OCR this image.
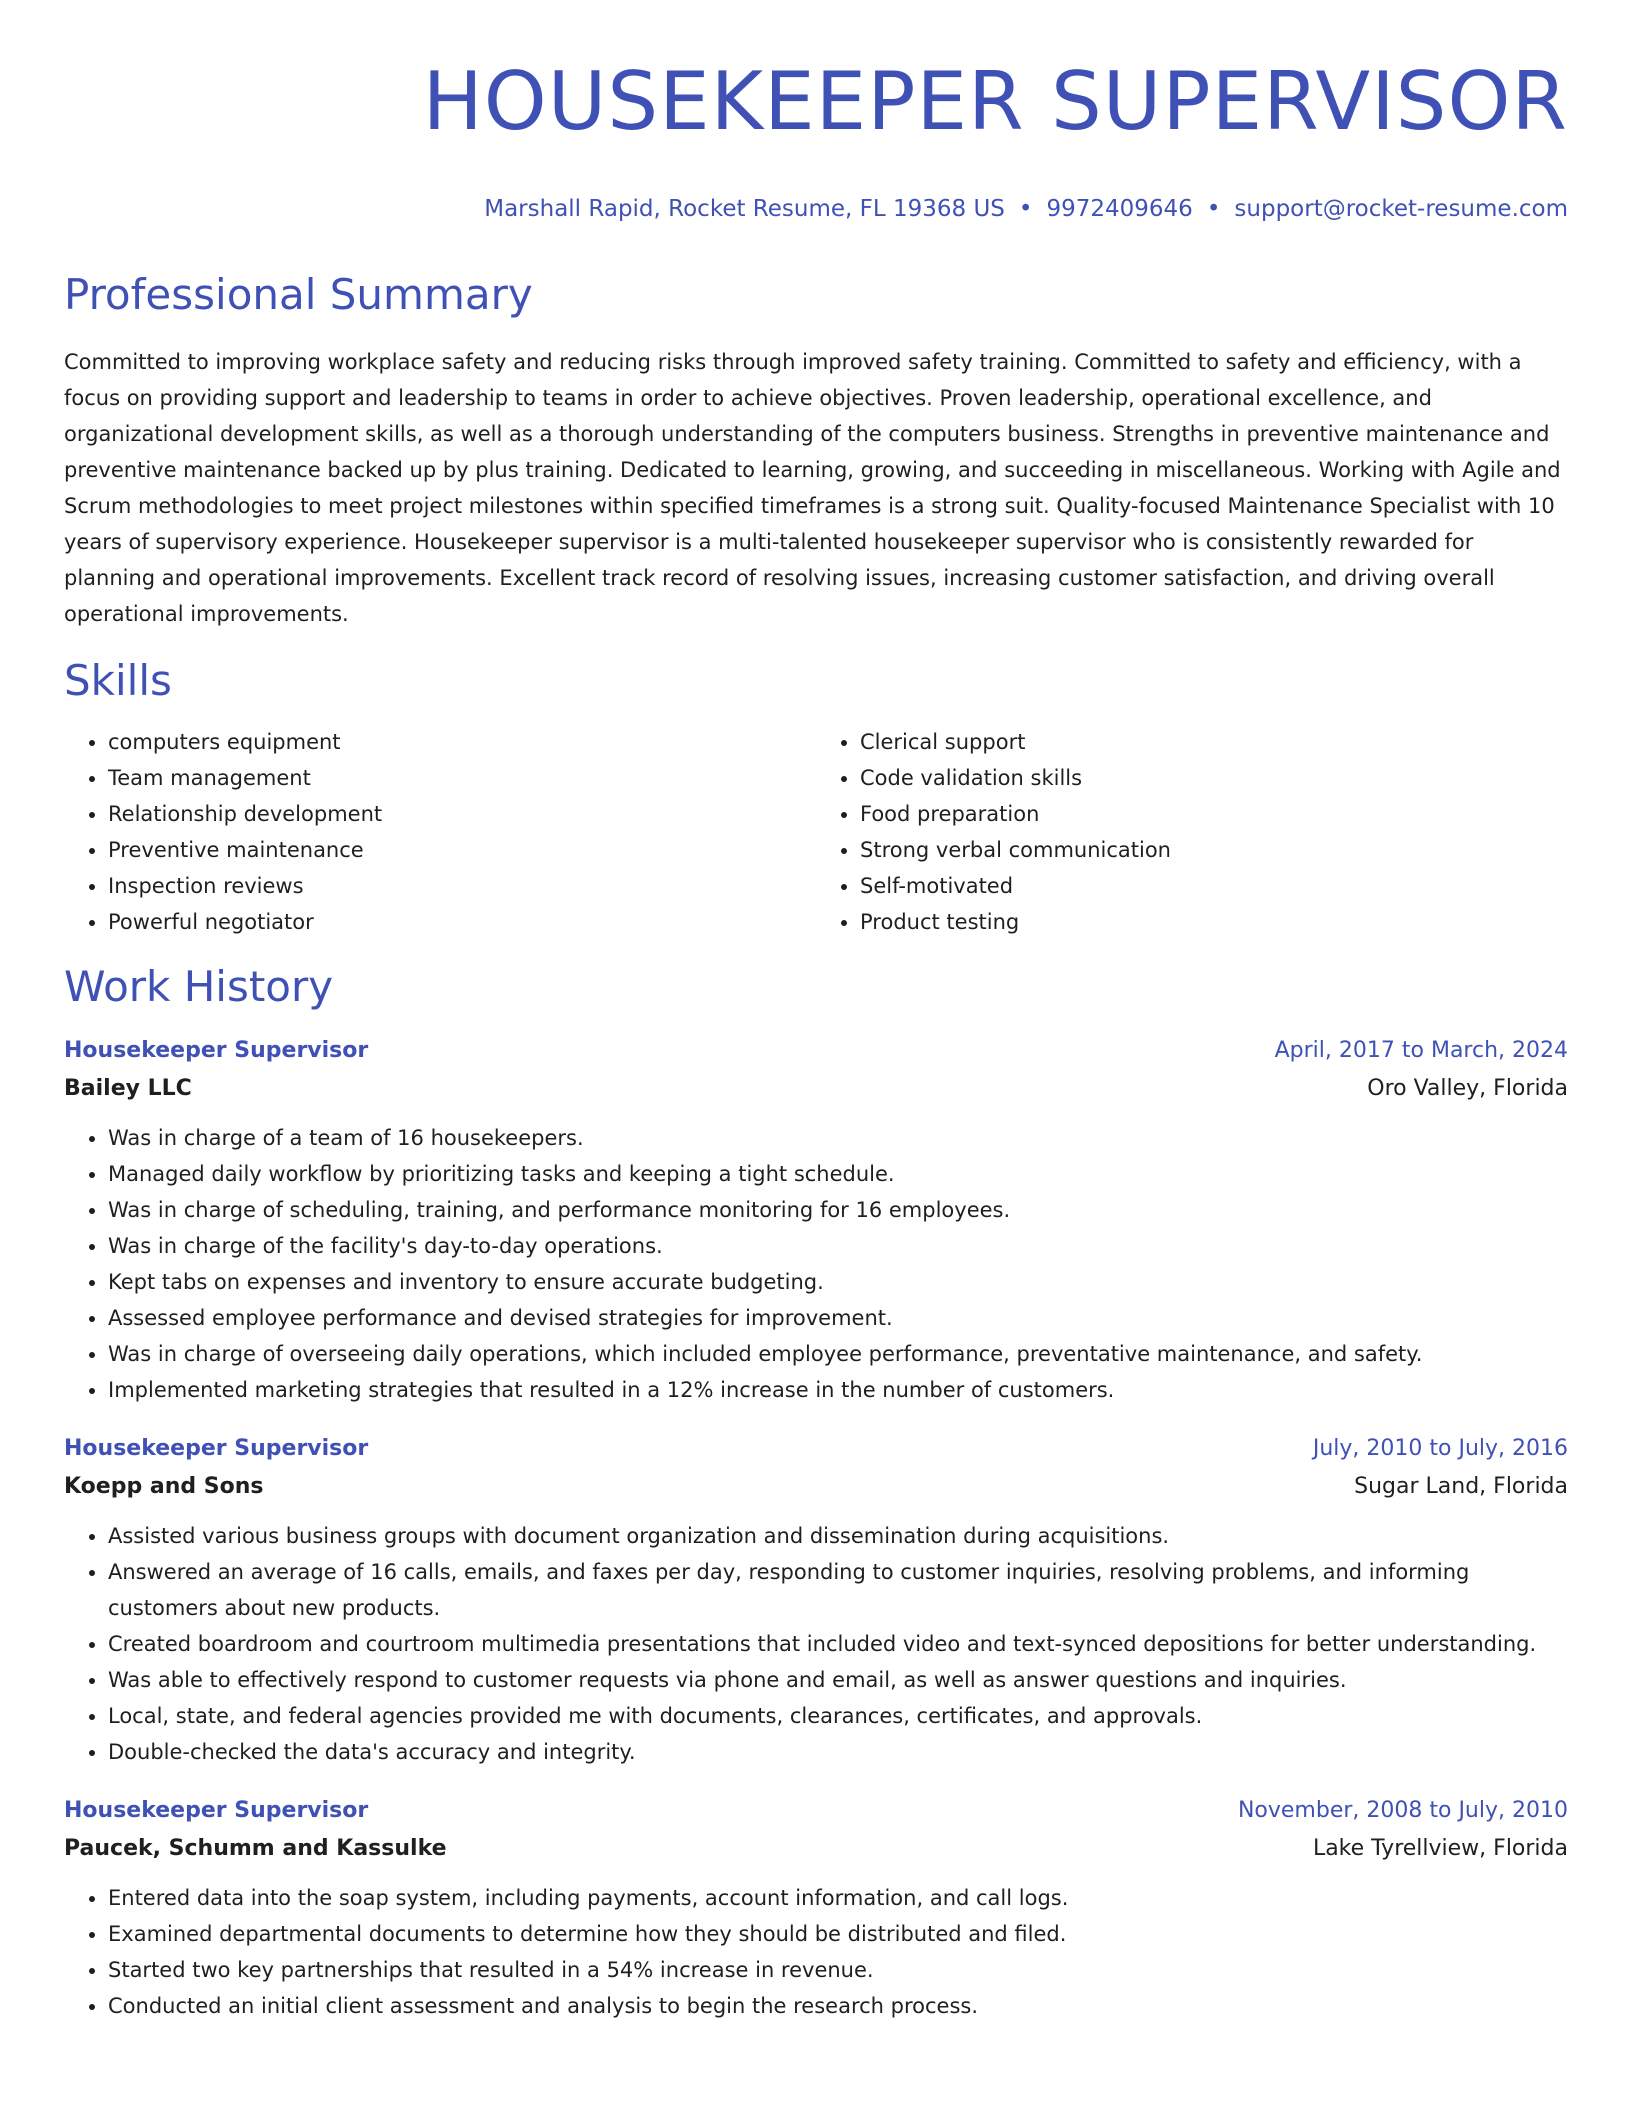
HOUSEKEEPER SUPERVISOR
Marshall Rapid, Rocket Resume, FL 19368 US • 9972409646 • support@rocket-resume.com
Professional Summary

Committed to improving workplace safety and reducing risks through improved safety training. Committed to safety and efficiency, with a focus on providing support and leadership to teams in order to achieve objectives. Proven leadership, operational excellence, and organizational development skills, as well as a thorough understanding of the computers business. Strengths in preventive maintenance and preventive maintenance backed up by plus training. Dedicated to learning, growing, and succeeding in miscellaneous. Working with Agile and Scrum methodologies to meet project milestones within specified timeframes is a strong suit. Quality-focused Maintenance Specialist with 10 years of supervisory experience. Housekeeper supervisor is a multi-talented housekeeper supervisor who is consistently rewarded for planning and operational improvements. Excellent track record of resolving issues, increasing customer satisfaction, and driving overall operational improvements.

Skills
• computers equipment
• Team management
• Relationship development
• Preventive maintenance
• Inspection reviews
• Powerful negotiator
• Clerical support
• Code validation skills
• Food preparation
• Strong verbal communication
• Self-motivated
• Product testing
Work History
Housekeeper Supervisor	April, 2017 to March, 2024
Bailey LLC	Oro Valley, Florida
• Was in charge of a team of 16 housekeepers.
• Managed daily workflow by prioritizing tasks and keeping a tight schedule.
• Was in charge of scheduling, training, and performance monitoring for 16 employees.
• Was in charge of the facility's day-to-day operations.
• Kept tabs on expenses and inventory to ensure accurate budgeting.
• Assessed employee performance and devised strategies for improvement.
• Was in charge of overseeing daily operations, which included employee performance, preventative maintenance, and safety.
• Implemented marketing strategies that resulted in a 12% increase in the number of customers.
Housekeeper Supervisor	July, 2010 to July, 2016
Koepp and Sons	Sugar Land, Florida
• Assisted various business groups with document organization and dissemination during acquisitions.
• Answered an average of 16 calls, emails, and faxes per day, responding to customer inquiries, resolving problems, and informing customers about new products.
• Created boardroom and courtroom multimedia presentations that included video and text-synced depositions for better understanding.
• Was able to effectively respond to customer requests via phone and email, as well as answer questions and inquiries.
• Local, state, and federal agencies provided me with documents, clearances, certificates, and approvals.
• Double-checked the data's accuracy and integrity.
Housekeeper Supervisor	November, 2008 to July, 2010
Paucek, Schumm and Kassulke	Lake Tyrellview, Florida
• Entered data into the soap system, including payments, account information, and call logs.
• Examined departmental documents to determine how they should be distributed and filed.
• Started two key partnerships that resulted in a 54% increase in revenue.
• Conducted an initial client assessment and analysis to begin the research process.
